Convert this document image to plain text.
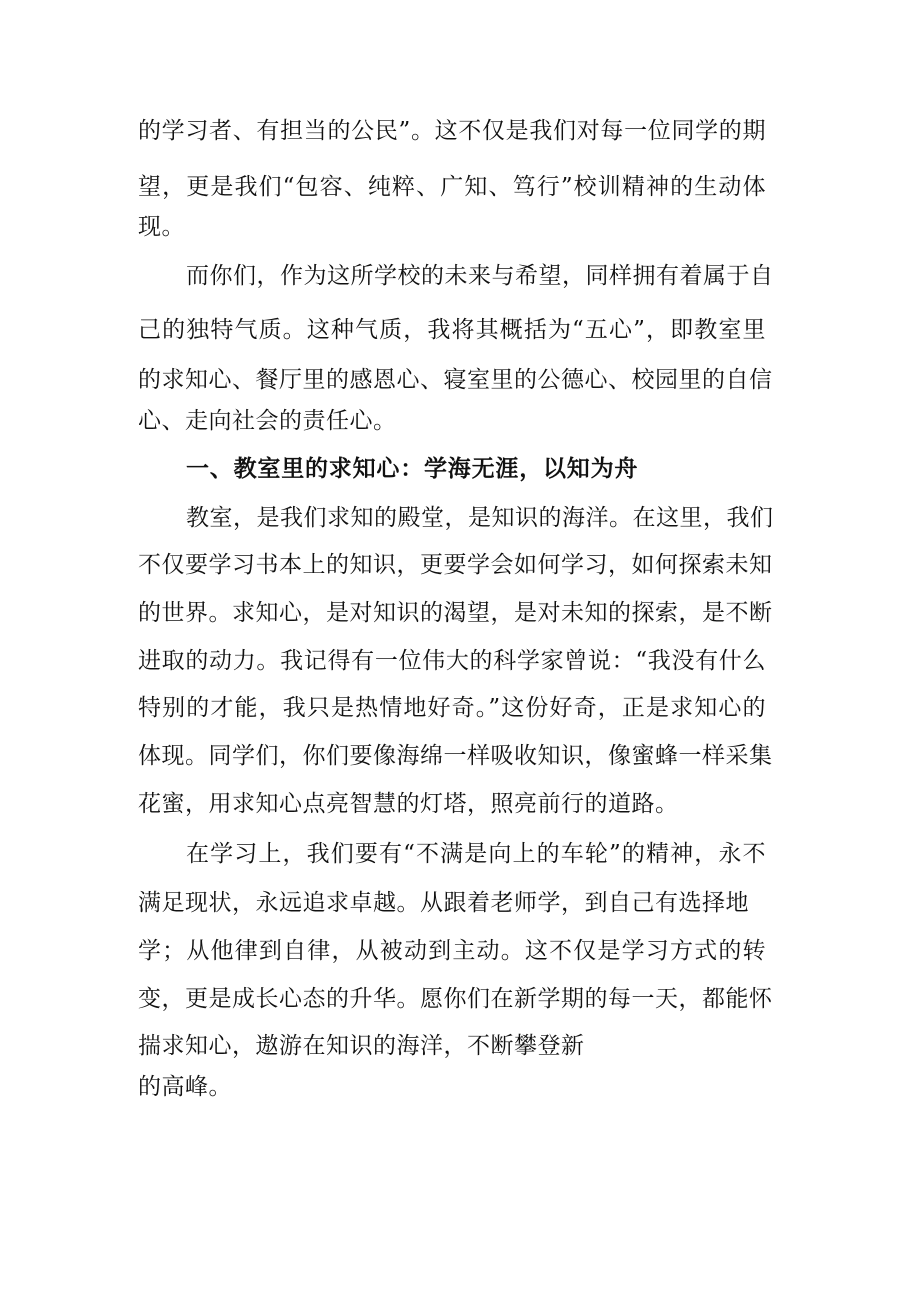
的学习者、有担当的公民”。这不仅是我们对每一位同学的期

望，更是我们“包容、纯粹、广知、笃行”校训精神的生动体

现。

而你们，作为这所学校的未来与希望，同样拥有着属于自

己的独特气质。这种气质，我将其概括为“五心”，即教室里

的求知心、餐厅里的感恩心、寝室里的公德心、校园里的自信

心、走向社会的责任心。

一、教室里的求知心：学海无涯，以知为舟

教室，是我们求知的殿堂，是知识的海洋。在这里，我们

不仅要学习书本上的知识，更要学会如何学习，如何探索未知

的世界。求知心，是对知识的渴望，是对未知的探索，是不断

进取的动力。我记得有一位伟大的科学家曾说：“我没有什么

特别的才能，我只是热情地好奇。”这份好奇，正是求知心的

体现。同学们，你们要像海绵一样吸收知识，像蜜蜂一样采集

花蜜，用求知心点亮智慧的灯塔，照亮前行的道路。

在学习上，我们要有“不满是向上的车轮”的精神，永不

满足现状，永远追求卓越。从跟着老师学，到自己有选择地

学；从他律到自律，从被动到主动。这不仅是学习方式的转

变，更是成长心态的升华。愿你们在新学期的每一天，都能怀

揣求知心，遨游在知识的海洋，不断攀登新

的高峰。
